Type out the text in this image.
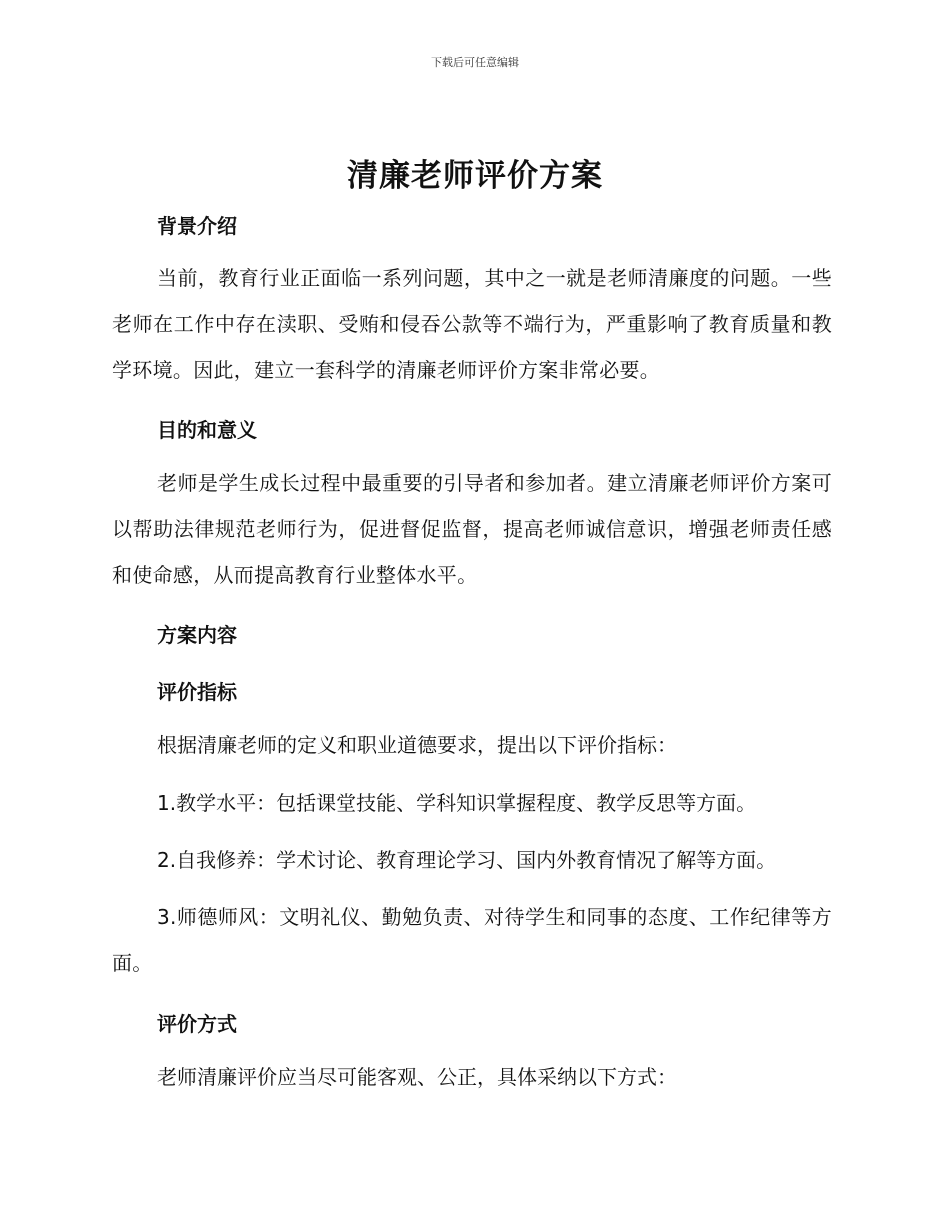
下载后可任意编辑
清廉老师评价方案
背景介绍

当前，教育行业正面临一系列问题，其中之一就是老师清廉度的问题。一些老师在工作中存在渎职、受贿和侵吞公款等不端行为，严重影响了教育质量和教学环境。因此，建立一套科学的清廉老师评价方案非常必要。

目的和意义

老师是学生成长过程中最重要的引导者和参加者。建立清廉老师评价方案可以帮助法律规范老师行为，促进督促监督，提高老师诚信意识，增强老师责任感和使命感，从而提高教育行业整体水平。

方案内容
评价指标
根据清廉老师的定义和职业道德要求，提出以下评价指标：
1.教学水平：包括课堂技能、学科知识掌握程度、教学反思等方面。
2.自我修养：学术讨论、教育理论学习、国内外教育情况了解等方面。

3.师德师风：文明礼仪、勤勉负责、对待学生和同事的态度、工作纪律等方面。

评价方式
老师清廉评价应当尽可能客观、公正，具体采纳以下方式：
